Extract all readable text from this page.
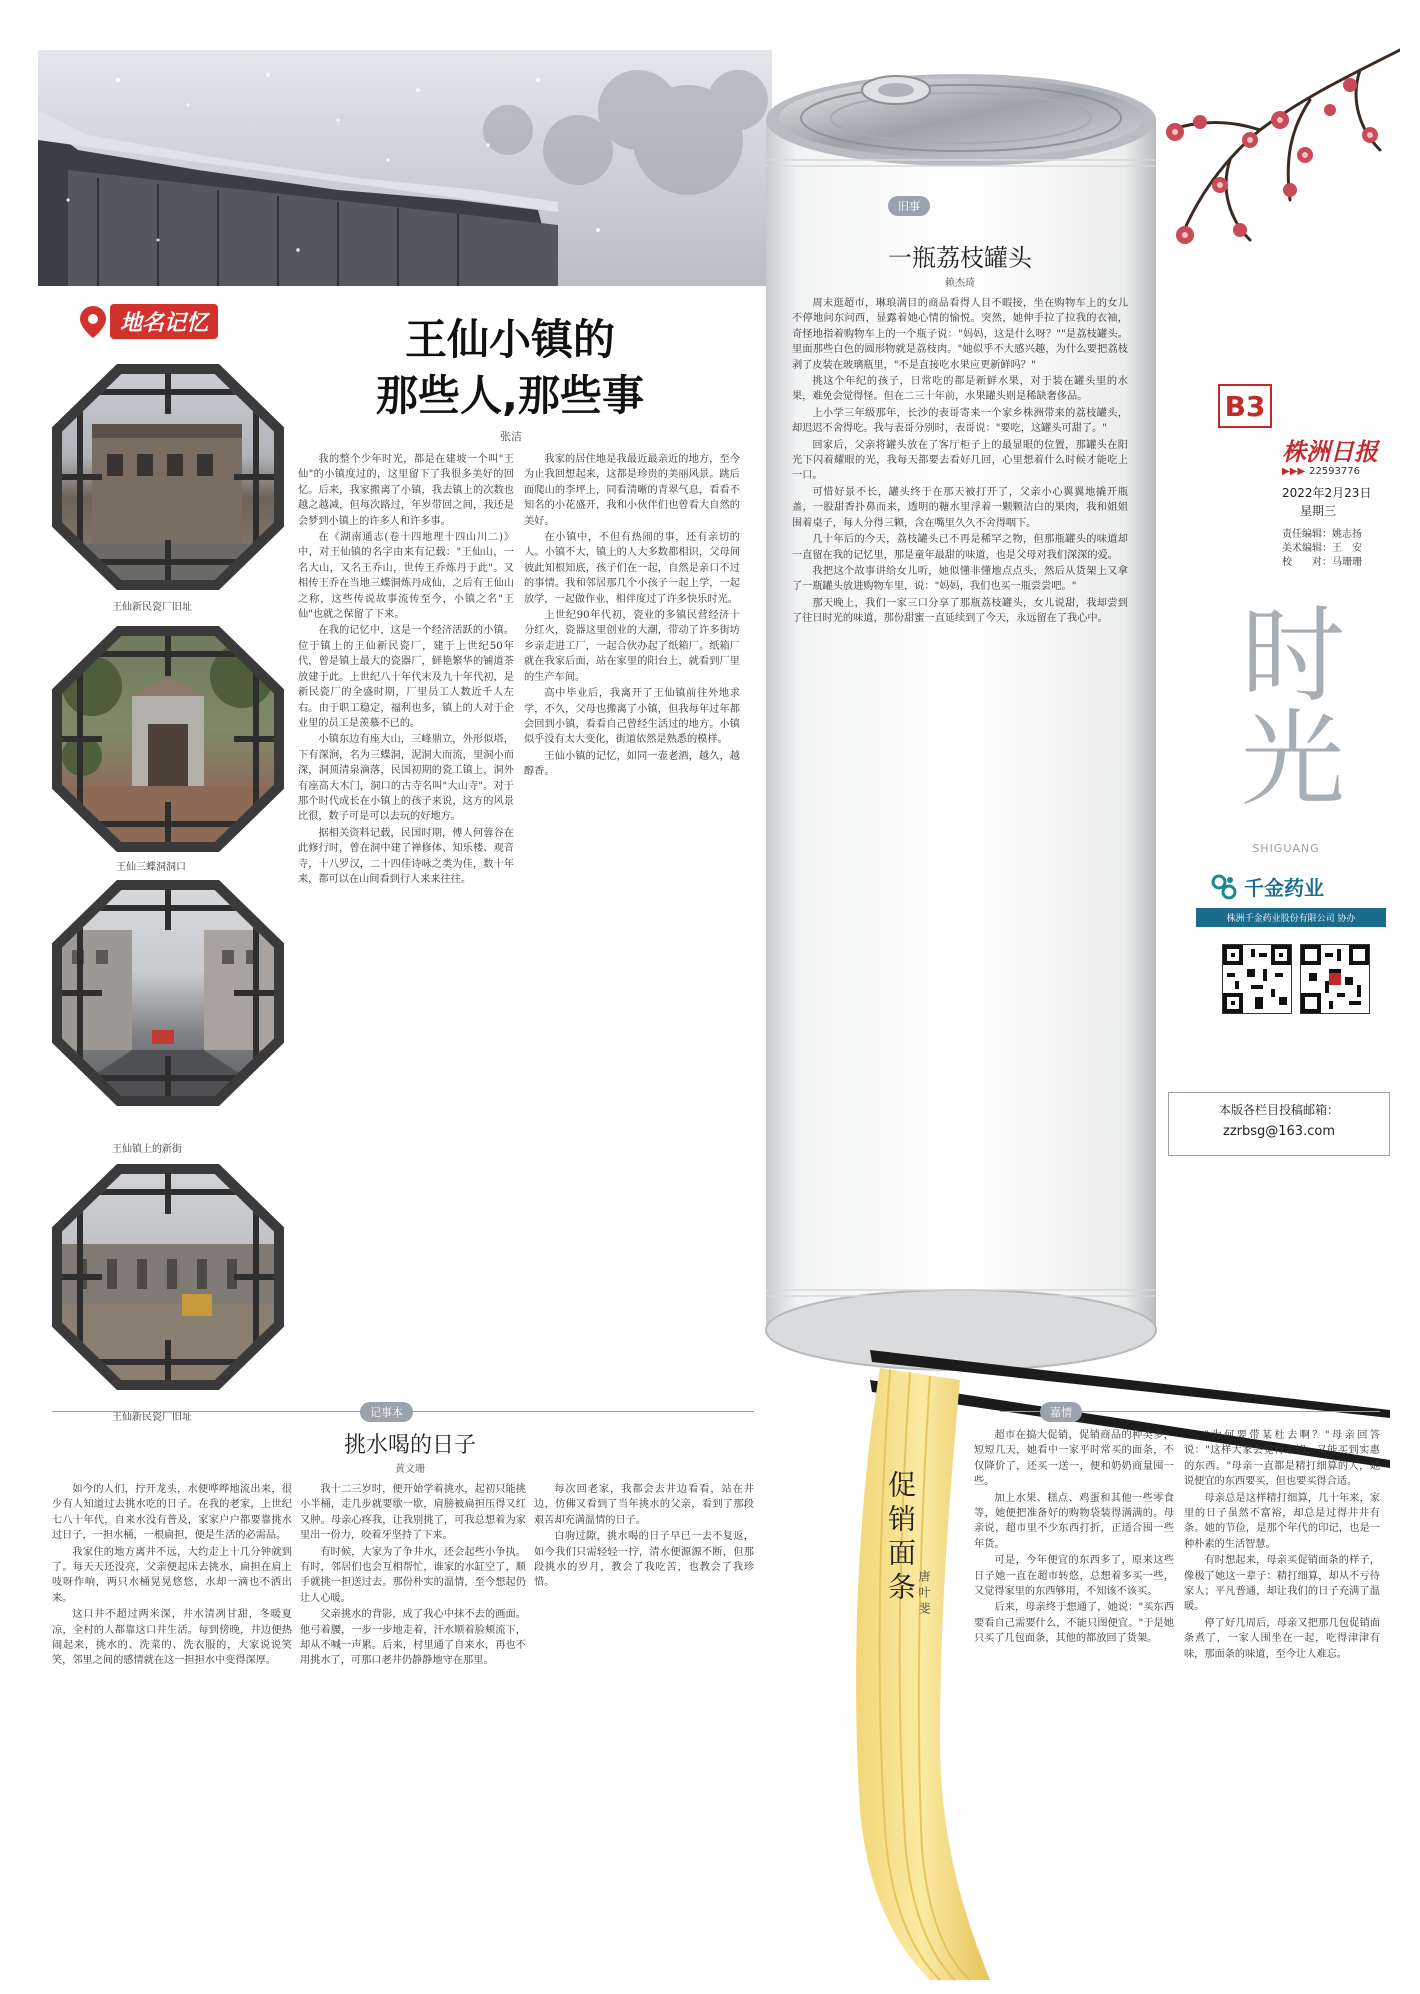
地名记忆
王仙新民瓷厂旧址
王仙三蝶洞洞口
王仙镇上的新街
王仙新民瓷厂旧址
王仙小镇的
那些人,那些事
张洁

我的整个少年时光，都是在建坡一个叫"王仙"的小镇度过的，这里留下了我很多美好的回忆。后来，我家搬离了小镇，我去镇上的次数也越之越减，但每次路过，年岁带回之间，我还是会梦到小镇上的许多人和许多事。

在《湖南通志(卷十四地理十四山川二)》中，对王仙镇的名字由来有记载："王仙山，一名大山，又名王乔山，世传王乔炼丹于此"。又相传王乔在当地三蝶洞炼丹成仙，之后有王仙山之称，这些传说故事流传至今，小镇之名"王仙"也就之保留了下来。

在我的记忆中，这是一个经济活跃的小镇。位于镇上的王仙新民瓷厂，建于上世纪50年代，曾是镇上最大的瓷器厂，鲜艳繁华的铺道茶放建于此。上世纪八十年代末及九十年代初，是新民瓷厂的全盛时期，厂里员工人数近千人左右。由于职工稳定，福利也多，镇上的人对于企业里的员工是羡慕不已的。

小镇东边有座大山，三峰鼎立，外形似塔，下有深涧，名为三蝶洞，泥洞大而流，里洞小而深，洞顶清泉滴落，民国初期的瓷工镇上，洞外有座高大木门，洞口的古寺名叫"大山寺"。对于那个时代成长在小镇上的孩子来说，这方的风景比很，数子可是可以去玩的好地方。

据相关资料记载，民国时期，傅人何蓉谷在此修行时，曾在洞中建了禅修体、知乐楼、观音寺，十八罗汉，二十四佳诗咏之类为佳，数十年来，都可以在山间看到行人来来往往。

我家的居住地是我最近最亲近的地方，至今为止我回想起来，这都是珍贵的美丽风景。跳后面爬山的李坪上，同看清晰的青翠气息，看看不知名的小花盛开，我和小伙伴们也曾看大自然的美好。

在小镇中，不但有热闹的事，还有亲切的人。小镇不大，镇上的人大多数都相识，父母间彼此知根知底，孩子们在一起，自然是亲口不过的事情。我和邻居那几个小孩子一起上学，一起放学，一起做作业，相伴度过了许多快乐时光。

上世纪90年代初，瓷业的多镇民营经济十分红火，瓷器这里创业的大潮，带动了许多街坊乡亲走进工厂，一起合伙办起了纸箱厂。纸箱厂就在我家后面，站在家里的阳台上，就看到厂里的生产车间。

高中毕业后，我离开了王仙镇前往外地求学，不久，父母也搬离了小镇，但我每年过年都会回到小镇，看看自己曾经生活过的地方。小镇似乎没有太大变化，街道依然是熟悉的模样。

王仙小镇的记忆，如同一壶老酒，越久，越醇香。

旧事
一瓶荔枝罐头
赖杰琦

周末逛超市，琳琅满目的商品看得人目不暇接，坐在购物车上的女儿不停地问东问西，显露着她心情的愉悦。突然，她伸手拉了拉我的衣袖，奇怪地指着购物车上的一个瓶子说："妈妈，这是什么呀？""是荔枝罐头。里面那些白色的圆形物就是荔枝肉。"她似乎不大感兴趣，为什么要把荔枝剥了皮装在玻璃瓶里，"不是直接吃水果应更新鲜吗？"

挑这个年纪的孩子，日常吃的都是新鲜水果，对于装在罐头里的水果，难免会觉得怪。但在二三十年前，水果罐头则是稀缺奢侈品。

上小学三年级那年，长沙的表哥寄来一个家乡株洲带来的荔枝罐头，却迟迟不舍得吃。我与表哥分别时，表哥说："要吃，这罐头可甜了。"

回家后，父亲将罐头放在了客厅柜子上的最显眼的位置，那罐头在阳光下闪着耀眼的光，我每天都要去看好几回，心里想着什么时候才能吃上一口。

可惜好景不长，罐头终于在那天被打开了，父亲小心翼翼地撬开瓶盖，一股甜香扑鼻而来，透明的糖水里浮着一颗颗洁白的果肉，我和姐姐围着桌子，每人分得三颗，含在嘴里久久不舍得咽下。

几十年后的今天，荔枝罐头已不再是稀罕之物，但那瓶罐头的味道却一直留在我的记忆里，那是童年最甜的味道，也是父母对我们深深的爱。

我把这个故事讲给女儿听，她似懂非懂地点点头，然后从货架上又拿了一瓶罐头放进购物车里，说："妈妈，我们也买一瓶尝尝吧。"

那天晚上，我们一家三口分享了那瓶荔枝罐头，女儿说甜，我却尝到了往日时光的味道，那份甜蜜一直延续到了今天，永远留在了我心中。

B3
株洲日报
▶▶▶ 22593776
2022年2月23日
星期三
责任编辑：姚志扬
美术编辑：王　安
校　　对：马珊珊
时光
SHIGUANG
千金药业
株洲千金药业股份有限公司 协办
本版各栏目投稿邮箱：
zzrbsg@163.com
促销面条 唐叶斐
记事本
挑水喝的日子
黄文珊

如今的人们，拧开龙头，水便哗哗地流出来，很少有人知道过去挑水吃的日子。在我的老家，上世纪七八十年代，自来水没有普及，家家户户都要靠挑水过日子，一担水桶，一根扁担，便是生活的必需品。

我家住的地方离井不远，大约走上十几分钟就到了。每天天还没亮，父亲便起床去挑水，扁担在肩上吱呀作响，两只水桶晃晃悠悠，水却一滴也不洒出来。

这口井不超过两米深，井水清冽甘甜，冬暖夏凉，全村的人都靠这口井生活。每到傍晚，井边便热闹起来，挑水的、洗菜的、洗衣服的，大家说说笑笑，邻里之间的感情就在这一担担水中变得深厚。

我十二三岁时，便开始学着挑水，起初只能挑小半桶，走几步就要歇一歇，肩膀被扁担压得又红又肿。母亲心疼我，让我别挑了，可我总想着为家里出一份力，咬着牙坚持了下来。

有时候，大家为了争井水，还会起些小争执。有时，邻居们也会互相帮忙，谁家的水缸空了，顺手就挑一担送过去。那份朴实的温情，至今想起仍让人心暖。

父亲挑水的背影，成了我心中抹不去的画面。他弓着腰，一步一步地走着，汗水顺着脸颊流下，却从不喊一声累。后来，村里通了自来水，再也不用挑水了，可那口老井仍静静地守在那里。

每次回老家，我都会去井边看看，站在井边，仿佛又看到了当年挑水的父亲，看到了那段艰苦却充满温情的日子。

白驹过隙，挑水喝的日子早已一去不复返，如今我们只需轻轻一拧，清水便源源不断，但那段挑水的岁月，教会了我吃苦，也教会了我珍惜。

嘉情

超市在搞大促销，促销商品的种类多，短短几天，她看中一家平时常买的面条，不仅降价了，还买一送一，便和奶奶商量囤一些。

加上水果、糕点、鸡蛋和其他一些零食等，她便把准备好的购物袋装得满满的。母亲说，超市里不少东西打折，正适合囤一些年货。

可是，今年便宜的东西多了，原来这些日子她一直在超市转悠，总想着多买一些，又觉得家里的东西够用，不知该不该买。

后来，母亲终于想通了，她说："买东西要看自己需要什么，不能只图便宜。"于是她只买了几包面条，其他的都放回了货架。

"为何要带某杜去啊？"母亲回答说："这样大家会觉得亲切，又能买到实惠的东西。"母亲一直都是精打细算的人，她说便宜的东西要买，但也要买得合适。

母亲总是这样精打细算，几十年来，家里的日子虽然不富裕，却总是过得井井有条。她的节俭，是那个年代的印记，也是一种朴素的生活智慧。

有时想起来，母亲买促销面条的样子，像极了她这一辈子：精打细算，却从不亏待家人；平凡普通，却让我们的日子充满了温暖。

停了好几周后，母亲又把那几包促销面条煮了，一家人围坐在一起，吃得津津有味，那面条的味道，至今让人难忘。
